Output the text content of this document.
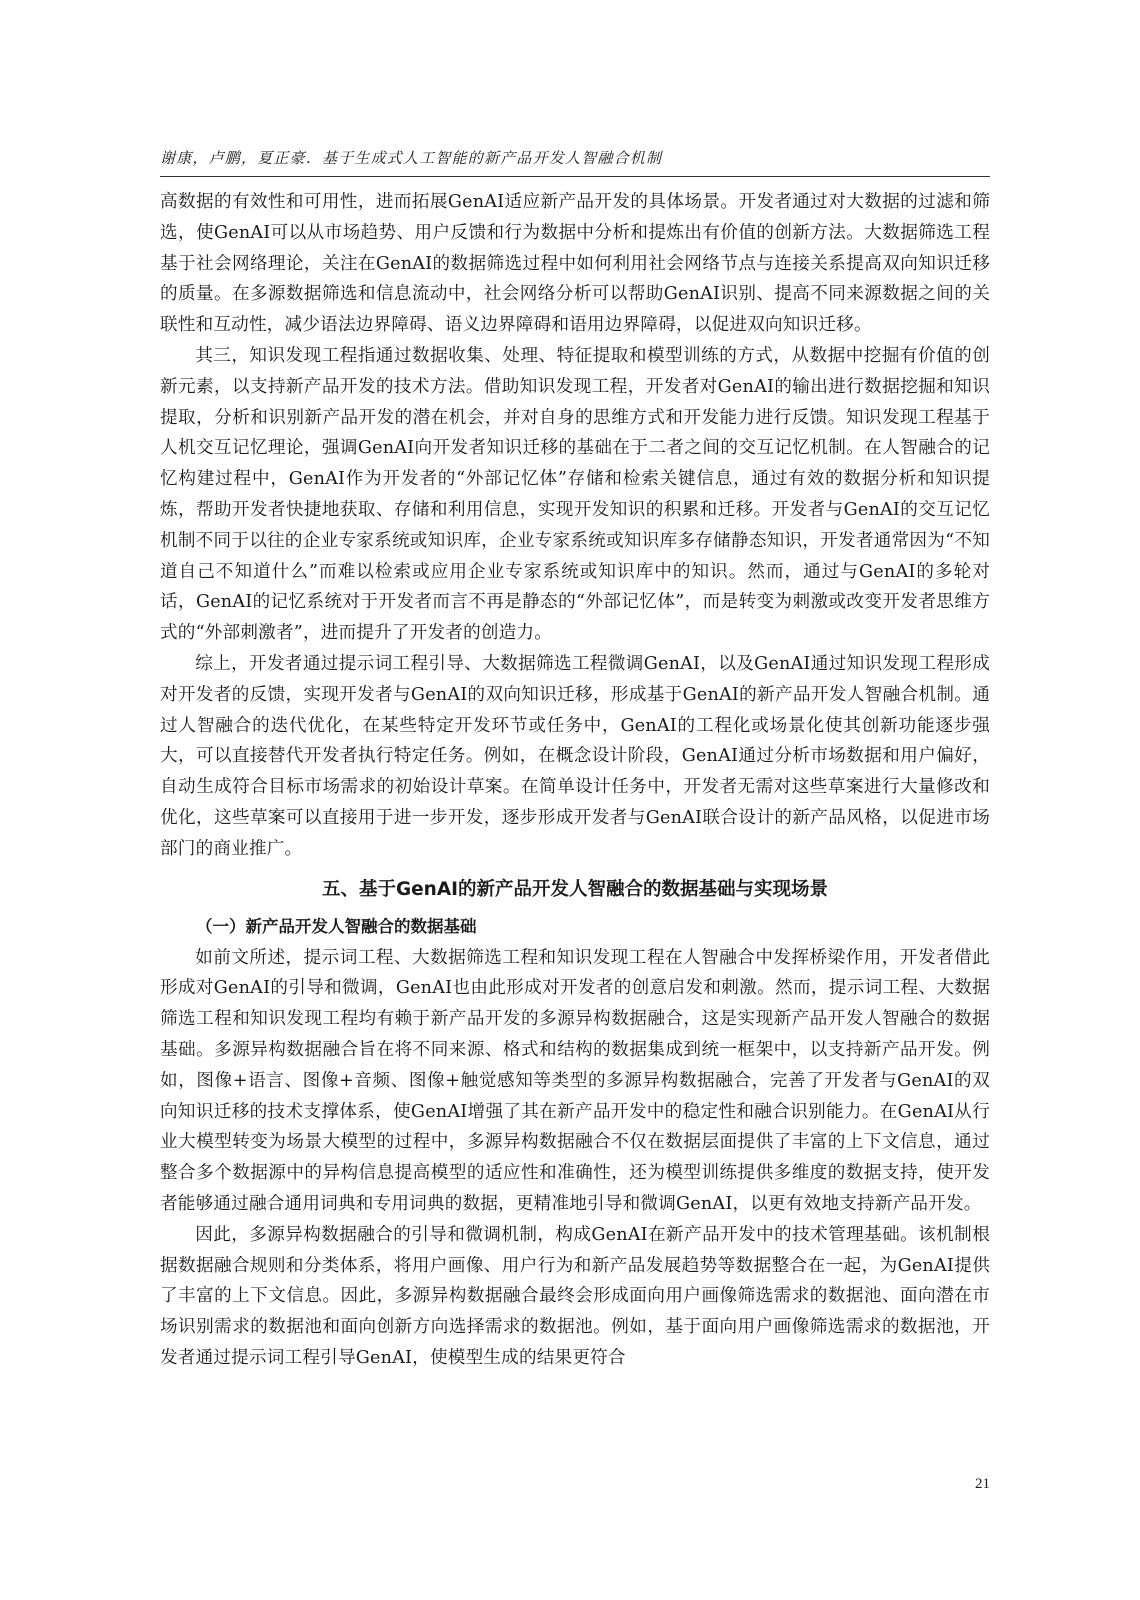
谢康，卢鹏，夏正豪．基于生成式人工智能的新产品开发人智融合机制

高数据的有效性和可用性，进而拓展GenAI适应新产品开发的具体场景。开发者通过对大数据的过滤和筛选，使GenAI可以从市场趋势、用户反馈和行为数据中分析和提炼出有价值的创新方法。大数据筛选工程基于社会网络理论，关注在GenAI的数据筛选过程中如何利用社会网络节点与连接关系提高双向知识迁移的质量。在多源数据筛选和信息流动中，社会网络分析可以帮助GenAI识别、提高不同来源数据之间的关联性和互动性，减少语法边界障碍、语义边界障碍和语用边界障碍，以促进双向知识迁移。

其三，知识发现工程指通过数据收集、处理、特征提取和模型训练的方式，从数据中挖掘有价值的创新元素，以支持新产品开发的技术方法。借助知识发现工程，开发者对GenAI的输出进行数据挖掘和知识提取，分析和识别新产品开发的潜在机会，并对自身的思维方式和开发能力进行反馈。知识发现工程基于人机交互记忆理论，强调GenAI向开发者知识迁移的基础在于二者之间的交互记忆机制。在人智融合的记忆构建过程中，GenAI作为开发者的“外部记忆体”存储和检索关键信息，通过有效的数据分析和知识提炼，帮助开发者快捷地获取、存储和利用信息，实现开发知识的积累和迁移。开发者与GenAI的交互记忆机制不同于以往的企业专家系统或知识库，企业专家系统或知识库多存储静态知识，开发者通常因为“不知道自己不知道什么”而难以检索或应用企业专家系统或知识库中的知识。然而，通过与GenAI的多轮对话，GenAI的记忆系统对于开发者而言不再是静态的“外部记忆体”，而是转变为刺激或改变开发者思维方式的“外部刺激者”，进而提升了开发者的创造力。

综上，开发者通过提示词工程引导、大数据筛选工程微调GenAI，以及GenAI通过知识发现工程形成对开发者的反馈，实现开发者与GenAI的双向知识迁移，形成基于GenAI的新产品开发人智融合机制。通过人智融合的迭代优化，在某些特定开发环节或任务中，GenAI的工程化或场景化使其创新功能逐步强大，可以直接替代开发者执行特定任务。例如，在概念设计阶段，GenAI通过分析市场数据和用户偏好，自动生成符合目标市场需求的初始设计草案。在简单设计任务中，开发者无需对这些草案进行大量修改和优化，这些草案可以直接用于进一步开发，逐步形成开发者与GenAI联合设计的新产品风格，以促进市场部门的商业推广。

五、基于GenAI的新产品开发人智融合的数据基础与实现场景
（一）新产品开发人智融合的数据基础

如前文所述，提示词工程、大数据筛选工程和知识发现工程在人智融合中发挥桥梁作用，开发者借此形成对GenAI的引导和微调，GenAI也由此形成对开发者的创意启发和刺激。然而，提示词工程、大数据筛选工程和知识发现工程均有赖于新产品开发的多源异构数据融合，这是实现新产品开发人智融合的数据基础。多源异构数据融合旨在将不同来源、格式和结构的数据集成到统一框架中，以支持新产品开发。例如，图像+语言、图像+音频、图像+触觉感知等类型的多源异构数据融合，完善了开发者与GenAI的双向知识迁移的技术支撑体系，使GenAI增强了其在新产品开发中的稳定性和融合识别能力。在GenAI从行业大模型转变为场景大模型的过程中，多源异构数据融合不仅在数据层面提供了丰富的上下文信息，通过整合多个数据源中的异构信息提高模型的适应性和准确性，还为模型训练提供多维度的数据支持，使开发者能够通过融合通用词典和专用词典的数据，更精准地引导和微调GenAI，以更有效地支持新产品开发。

因此，多源异构数据融合的引导和微调机制，构成GenAI在新产品开发中的技术管理基础。该机制根据数据融合规则和分类体系，将用户画像、用户行为和新产品发展趋势等数据整合在一起，为GenAI提供了丰富的上下文信息。因此，多源异构数据融合最终会形成面向用户画像筛选需求的数据池、面向潜在市场识别需求的数据池和面向创新方向选择需求的数据池。例如，基于面向用户画像筛选需求的数据池，开发者通过提示词工程引导GenAI，使模型生成的结果更符合

21
